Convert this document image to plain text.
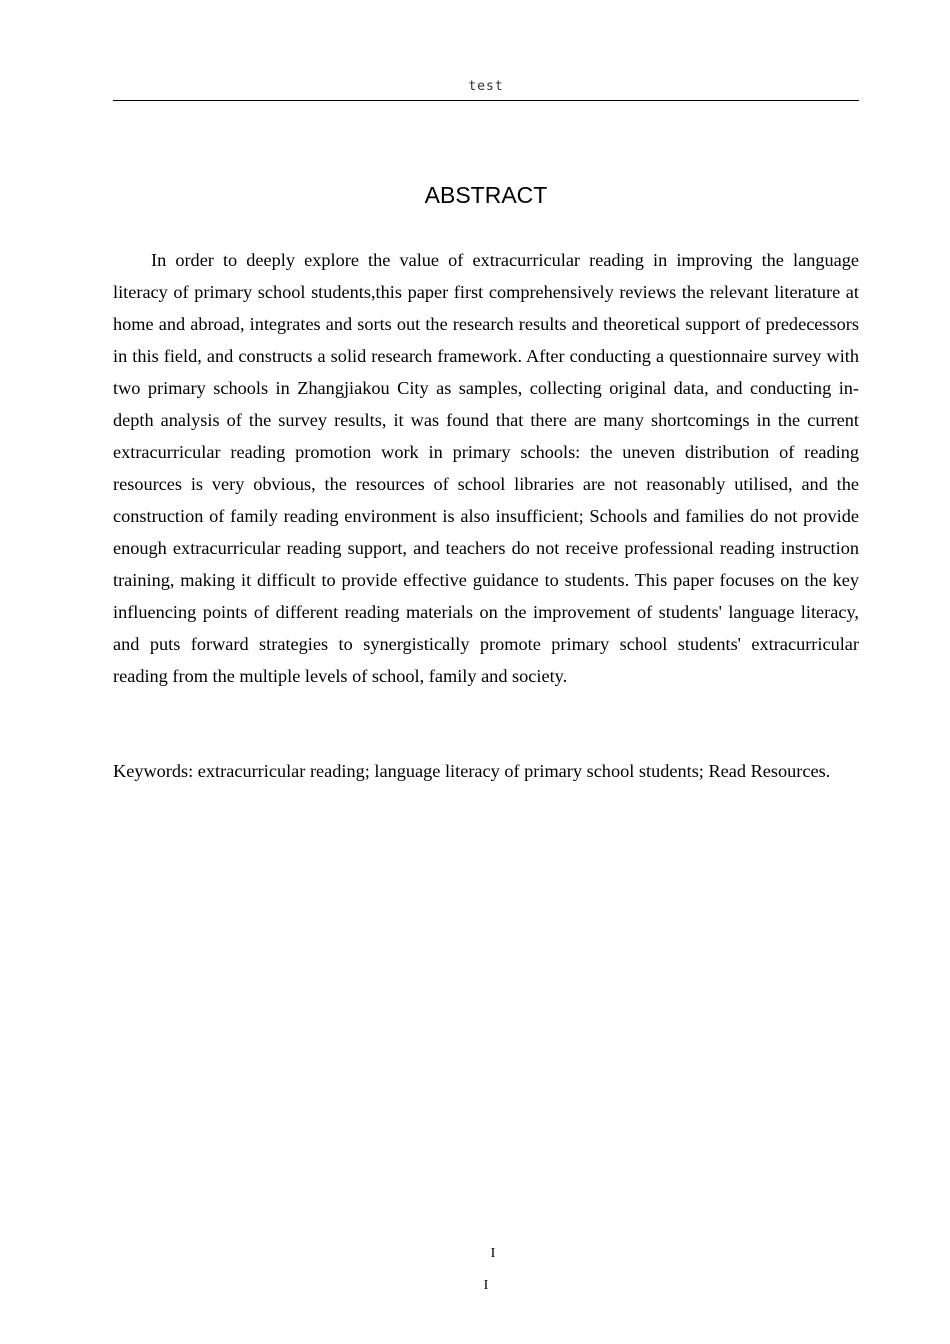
test
ABSTRACT

In order to deeply explore the value of extracurricular reading in improving the language literacy of primary school students,this paper first comprehensively reviews the relevant literature at home and abroad, integrates and sorts out the research results and theoretical support of predecessors in this field, and constructs a solid research framework. After conducting a questionnaire survey with two primary schools in Zhangjiakou City as samples, collecting original data, and conducting in-depth analysis of the survey results, it was found that there are many shortcomings in the current extracurricular reading promotion work in primary schools: the uneven distribution of reading resources is very obvious, the resources of school libraries are not reasonably utilised, and the construction of family reading environment is also insufficient; Schools and families do not provide enough extracurricular reading support, and teachers do not receive professional reading instruction training, making it difficult to provide effective guidance to students. This paper focuses on the key influencing points of different reading materials on the improvement of students' language literacy, and puts forward strategies to synergistically promote primary school students' extracurricular reading from the multiple levels of school, family and society.

Keywords: extracurricular reading; language literacy of primary school students; Read Resources.

I
I
